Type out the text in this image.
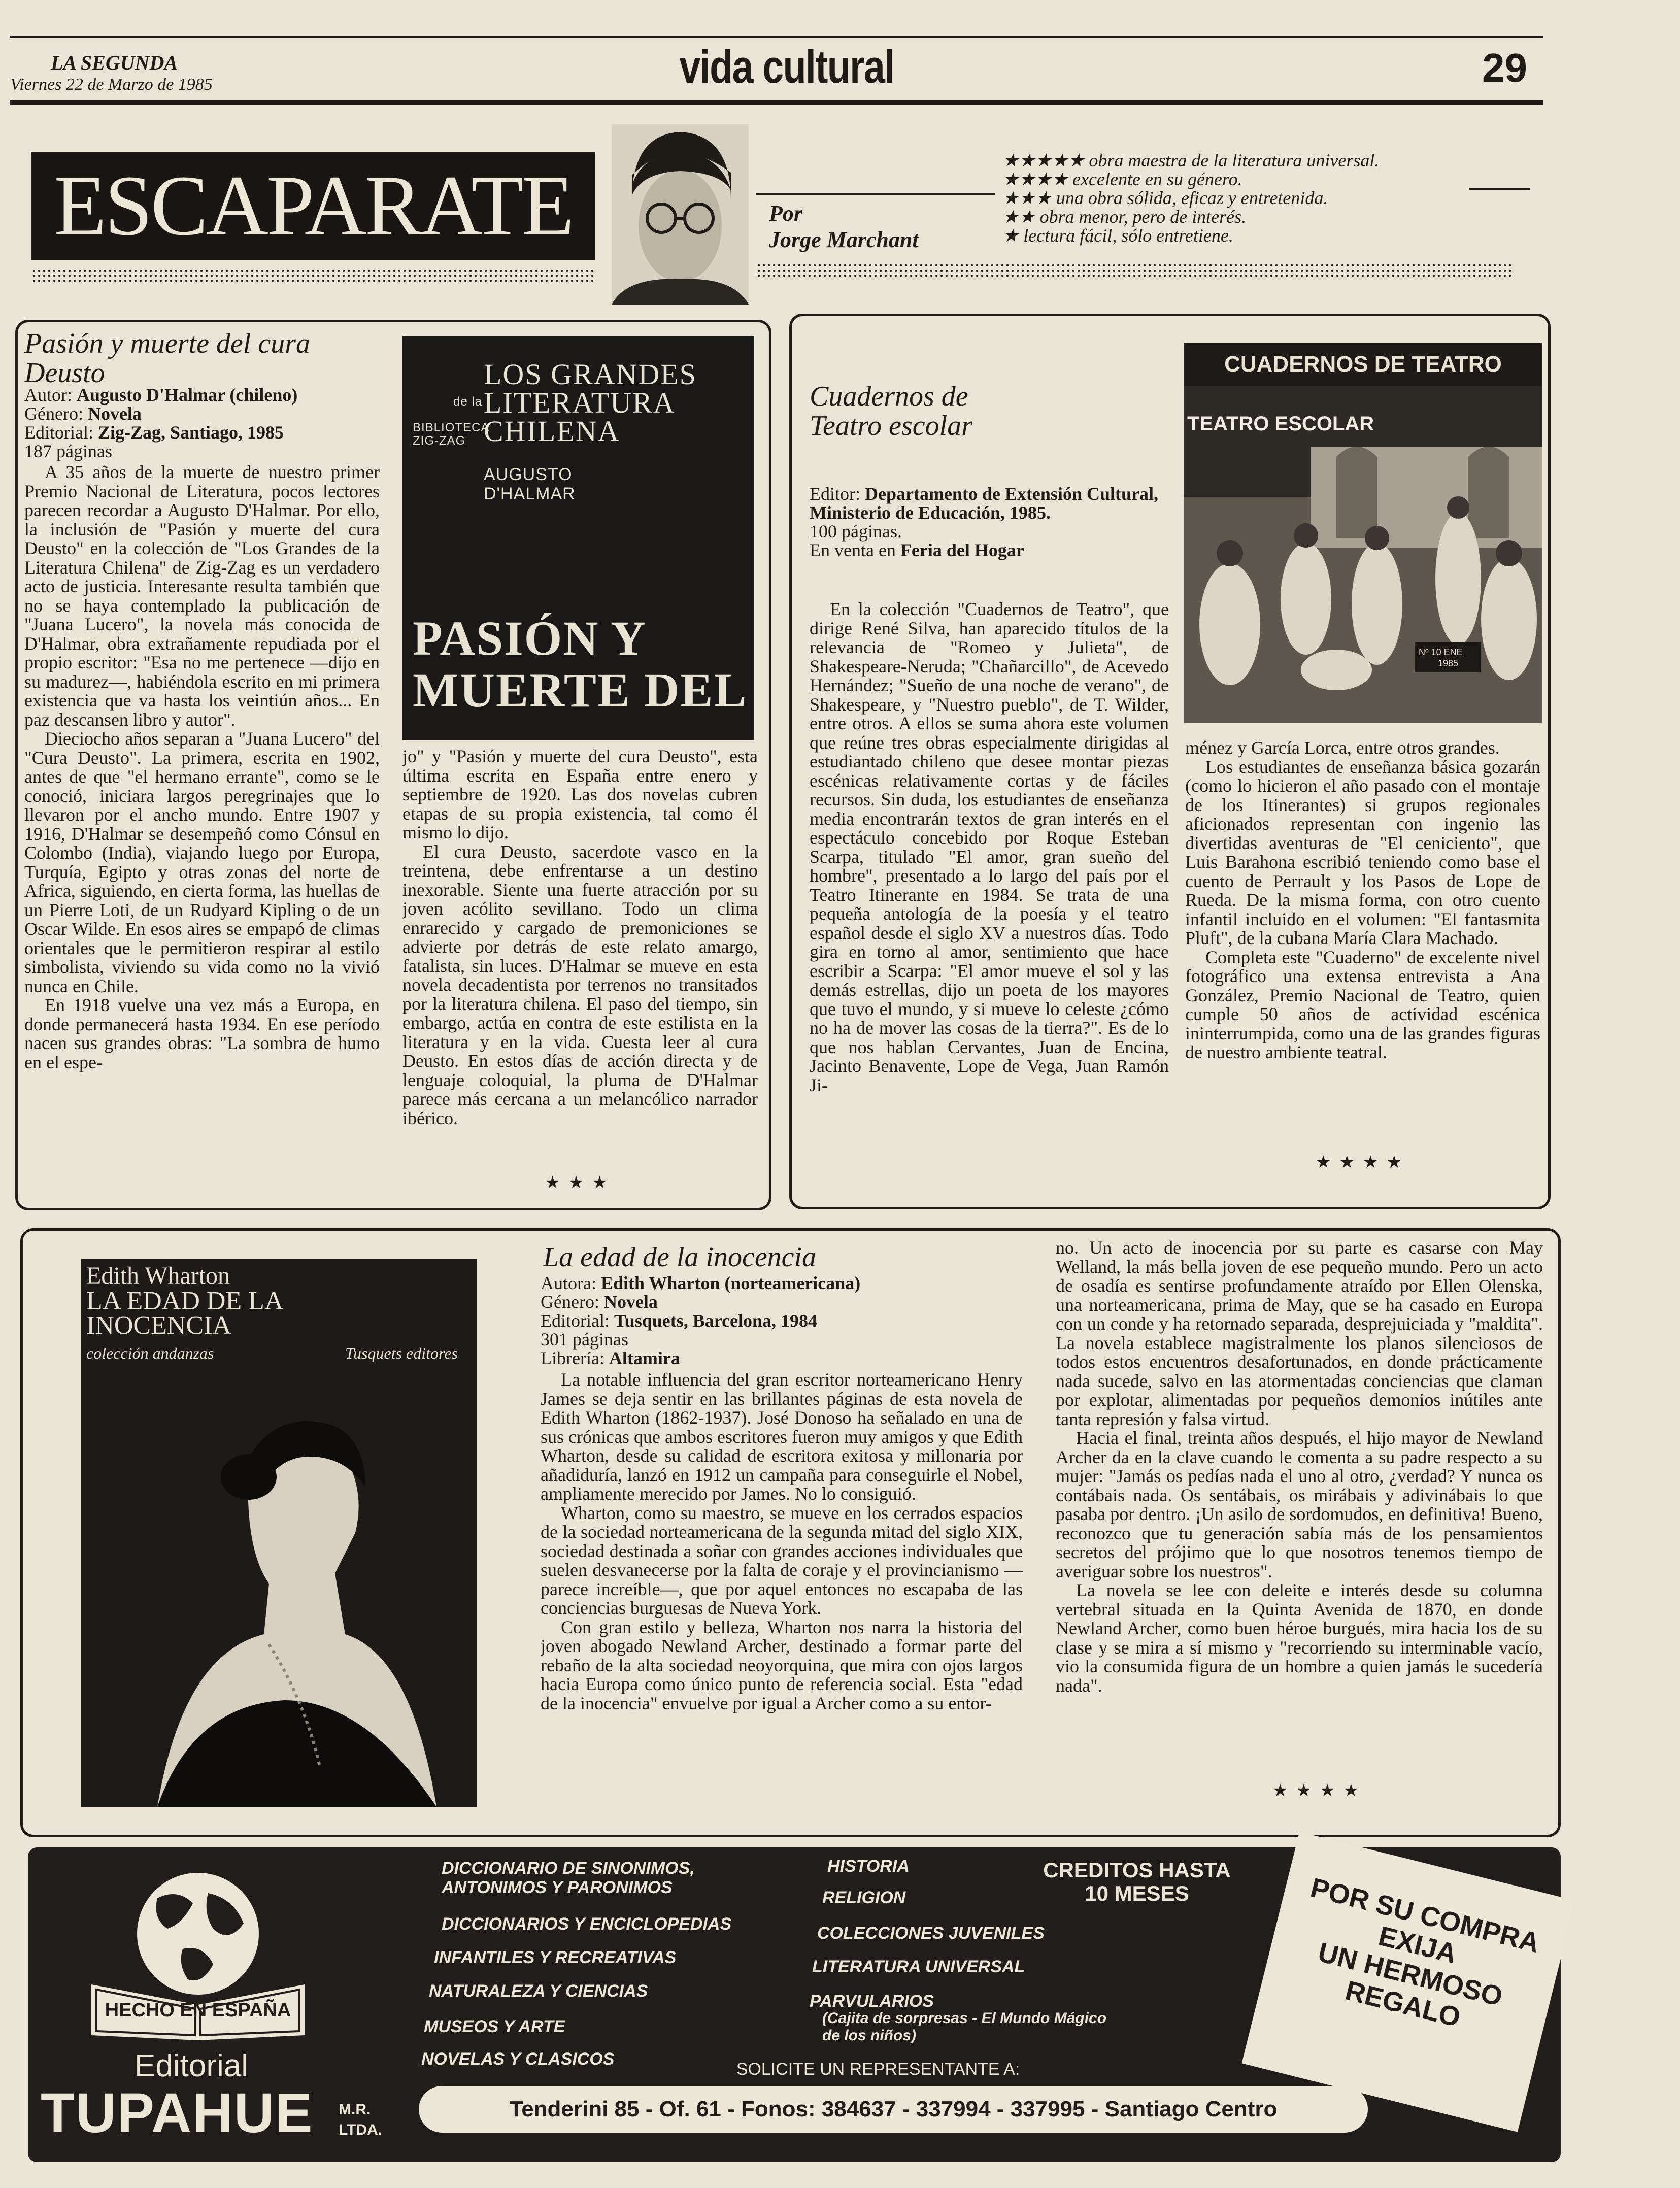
LA SEGUNDA
Viernes 22 de Marzo de 1985	vida cultural	29
ESCAPARATE	Por
Jorge Marchant
★★★★★ obra maestra de la literatura universal.
★★★★ excelente en su género.
★★★ una obra sólida, eficaz y entretenida.
★★ obra menor, pero de interés.
★ lectura fácil, sólo entretiene.
Pasión y muerte del cura Deusto
Autor: Augusto D'Halmar (chileno)
Género: Novela
Editorial: Zig-Zag, Santiago, 1985
187 páginas

A 35 años de la muerte de nuestro primer Premio Nacional de Literatura, pocos lectores parecen recordar a Augusto D'Halmar. Por ello, la inclusión de "Pasión y muerte del cura Deusto" en la colección de "Los Grandes de la Literatura Chilena" de Zig-Zag es un verdadero acto de justicia. Interesante resulta también que no se haya contemplado la publicación de "Juana Lucero", la novela más conocida de D'Halmar, obra extrañamente repudiada por el propio escritor: "Esa no me pertenece —dijo en su madurez—, habiéndola escrito en mi primera existencia que va hasta los veintiún años... En paz descansen libro y autor".

Dieciocho años separan a "Juana Lucero" del "Cura Deusto". La primera, escrita en 1902, antes de que "el hermano errante", como se le conoció, iniciara largos peregrinajes que lo llevaron por el ancho mundo. Entre 1907 y 1916, D'Halmar se desempeñó como Cónsul en Colombo (India), viajando luego por Europa, Turquía, Egipto y otras zonas del norte de Africa, siguiendo, en cierta forma, las huellas de un Pierre Loti, de un Rudyard Kipling o de un Oscar Wilde. En esos aires se empapó de climas orientales que le permitieron respirar al estilo simbolista, viviendo su vida como no la vivió nunca en Chile.

En 1918 vuelve una vez más a Europa, en donde permanecerá hasta 1934. En ese período nacen sus grandes obras: "La sombra de humo en el espe-

LOS GRANDES
de la LITERATURA
CHILENA
BIBLIOTECA
ZIG-ZAG
AUGUSTO
D'HALMAR
PASIÓN Y
MUERTE DEL

jo" y "Pasión y muerte del cura Deusto", esta última escrita en España entre enero y septiembre de 1920. Las dos novelas cubren etapas de su propia existencia, tal como él mismo lo dijo.

El cura Deusto, sacerdote vasco en la treintena, debe enfrentarse a un destino inexorable. Siente una fuerte atracción por su joven acólito sevillano. Todo un clima enrarecido y cargado de premoniciones se advierte por detrás de este relato amargo, fatalista, sin luces. D'Halmar se mueve en esta novela decadentista por terrenos no transitados por la literatura chilena. El paso del tiempo, sin embargo, actúa en contra de este estilista en la literatura y en la vida. Cuesta leer al cura Deusto. En estos días de acción directa y de lenguaje coloquial, la pluma de D'Halmar parece más cercana a un melancólico narrador ibérico.

★★★
Cuadernos de
Teatro escolar
Editor: Departamento de Extensión Cultural, Ministerio de Educación, 1985.
100 páginas.
En venta en Feria del Hogar

En la colección "Cuadernos de Teatro", que dirige René Silva, han aparecido títulos de la relevancia de "Romeo y Julieta", de Shakespeare-Neruda; "Chañarcillo", de Acevedo Hernández; "Sueño de una noche de verano", de Shakespeare, y "Nuestro pueblo", de T. Wilder, entre otros. A ellos se suma ahora este volumen que reúne tres obras especialmente dirigidas al estudiantado chileno que desee montar piezas escénicas relativamente cortas y de fáciles recursos. Sin duda, los estudiantes de enseñanza media encontrarán textos de gran interés en el espectáculo concebido por Roque Esteban Scarpa, titulado "El amor, gran sueño del hombre", presentado a lo largo del país por el Teatro Itinerante en 1984. Se trata de una pequeña antología de la poesía y el teatro español desde el siglo XV a nuestros días. Todo gira en torno al amor, sentimiento que hace escribir a Scarpa: "El amor mueve el sol y las demás estrellas, dijo un poeta de los mayores que tuvo el mundo, y si mueve lo celeste ¿cómo no ha de mover las cosas de la tierra?". Es de lo que nos hablan Cervantes, Juan de Encina, Jacinto Benavente, Lope de Vega, Juan Ramón Ji-

CUADERNOS DE TEATRO
TEATRO ESCOLAR
Nº 10 ENE
1985

ménez y García Lorca, entre otros grandes.

Los estudiantes de enseñanza básica gozarán (como lo hicieron el año pasado con el montaje de los Itinerantes) si grupos regionales aficionados representan con ingenio las divertidas aventuras de "El ceniciento", que Luis Barahona escribió teniendo como base el cuento de Perrault y los Pasos de Lope de Rueda. De la misma forma, con otro cuento infantil incluido en el volumen: "El fantasmita Pluft", de la cubana María Clara Machado.

Completa este "Cuaderno" de excelente nivel fotográfico una extensa entrevista a Ana González, Premio Nacional de Teatro, quien cumple 50 años de actividad escénica ininterrumpida, como una de las grandes figuras de nuestro ambiente teatral.

★★★★
Edith Wharton
LA EDAD DE LA
INOCENCIA
colección andanzas	Tusquets editores
La edad de la inocencia
Autora: Edith Wharton (norteamericana)
Género: Novela
Editorial: Tusquets, Barcelona, 1984
301 páginas
Librería: Altamira

La notable influencia del gran escritor norteamericano Henry James se deja sentir en las brillantes páginas de esta novela de Edith Wharton (1862-1937). José Donoso ha señalado en una de sus crónicas que ambos escritores fueron muy amigos y que Edith Wharton, desde su calidad de escritora exitosa y millonaria por añadiduría, lanzó en 1912 un campaña para conseguirle el Nobel, ampliamente merecido por James. No lo consiguió.

Wharton, como su maestro, se mueve en los cerrados espacios de la sociedad norteamericana de la segunda mitad del siglo XIX, sociedad destinada a soñar con grandes acciones individuales que suelen desvanecerse por la falta de coraje y el provincianismo —parece increíble—, que por aquel entonces no escapaba de las conciencias burguesas de Nueva York.

Con gran estilo y belleza, Wharton nos narra la historia del joven abogado Newland Archer, destinado a formar parte del rebaño de la alta sociedad neoyorquina, que mira con ojos largos hacia Europa como único punto de referencia social. Esta "edad de la inocencia" envuelve por igual a Archer como a su entor-

no. Un acto de inocencia por su parte es casarse con May Welland, la más bella joven de ese pequeño mundo. Pero un acto de osadía es sentirse profundamente atraído por Ellen Olenska, una norteamericana, prima de May, que se ha casado en Europa con un conde y ha retornado separada, desprejuiciada y "maldita". La novela establece magistralmente los planos silenciosos de todos estos encuentros desafortunados, en donde prácticamente nada sucede, salvo en las atormentadas conciencias que claman por explotar, alimentadas por pequeños demonios inútiles ante tanta represión y falsa virtud.

Hacia el final, treinta años después, el hijo mayor de Newland Archer da en la clave cuando le comenta a su padre respecto a su mujer: "Jamás os pedías nada el uno al otro, ¿verdad? Y nunca os contábais nada. Os sentábais, os mirábais y adivinábais lo que pasaba por dentro. ¡Un asilo de sordomudos, en definitiva! Bueno, reconozco que tu generación sabía más de los pensamientos secretos del prójimo que lo que nosotros tenemos tiempo de averiguar sobre los nuestros".

La novela se lee con deleite e interés desde su columna vertebral situada en la Quinta Avenida de 1870, en donde Newland Archer, como buen héroe burgués, mira hacia los de su clase y se mira a sí mismo y "recorriendo su interminable vacío, vio la consumida figura de un hombre a quien jamás le sucedería nada".

★★★★
HECHO EN ESPAÑA
Editorial
TUPAHUE M.R.
LTDA.
DICCIONARIO DE SINONIMOS,
ANTONIMOS Y PARONIMOS
DICCIONARIOS Y ENCICLOPEDIAS
INFANTILES Y RECREATIVAS
NATURALEZA Y CIENCIAS
MUSEOS Y ARTE
NOVELAS Y CLASICOS
HISTORIA
RELIGION
COLECCIONES JUVENILES
LITERATURA UNIVERSAL
PARVULARIOS
(Cajita de sorpresas - El Mundo Mágico
de los niños)
CREDITOS HASTA
10 MESES	POR SU COMPRA
EXIJA
UN HERMOSO
REGALO
SOLICITE UN REPRESENTANTE A:
Tenderini 85 - Of. 61 - Fonos: 384637 - 337994 - 337995 - Santiago Centro
